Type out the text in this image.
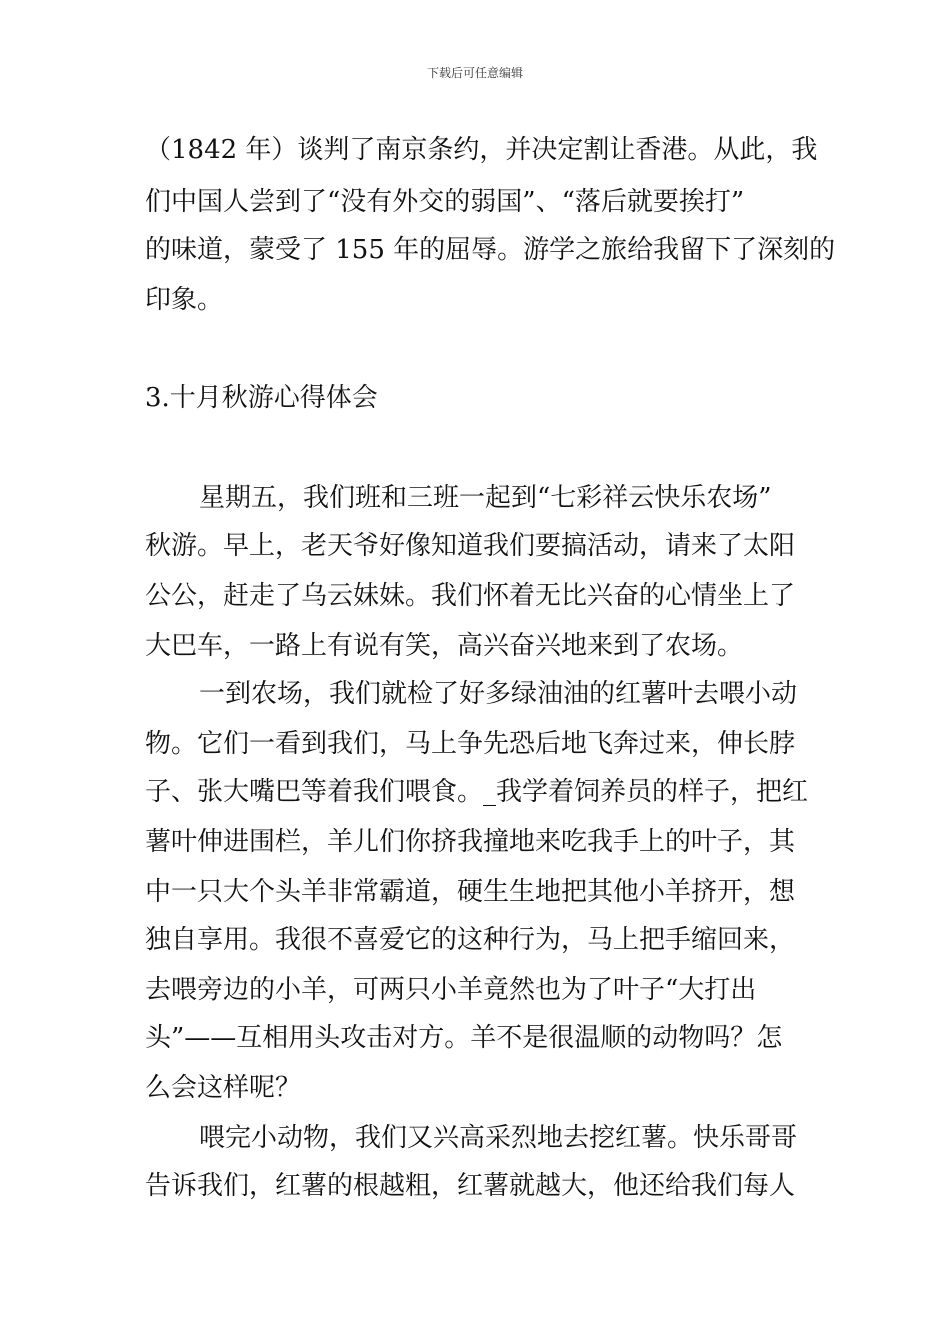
下载后可任意编辑
（1842 年）谈判了南京条约，并决定割让香港。从此，我
们中国人尝到了“没有外交的弱国”、“落后就要挨打”
的味道，蒙受了 155 年的屈辱。游学之旅给我留下了深刻的
印象。
3.十月秋游心得体会
星期五，我们班和三班一起到“七彩祥云快乐农场”
秋游。早上，老天爷好像知道我们要搞活动，请来了太阳
公公，赶走了乌云妹妹。我们怀着无比兴奋的心情坐上了
大巴车，一路上有说有笑，高兴奋兴地来到了农场。
一到农场，我们就检了好多绿油油的红薯叶去喂小动
物。它们一看到我们，马上争先恐后地飞奔过来，伸长脖
子、张大嘴巴等着我们喂食。_我学着饲养员的样子，把红
薯叶伸进围栏，羊儿们你挤我撞地来吃我手上的叶子，其
中一只大个头羊非常霸道，硬生生地把其他小羊挤开，想
独自享用。我很不喜爱它的这种行为，马上把手缩回来，
去喂旁边的小羊，可两只小羊竟然也为了叶子“大打出
头”——互相用头攻击对方。羊不是很温顺的动物吗？怎
么会这样呢？
喂完小动物，我们又兴高采烈地去挖红薯。快乐哥哥
告诉我们，红薯的根越粗，红薯就越大，他还给我们每人
